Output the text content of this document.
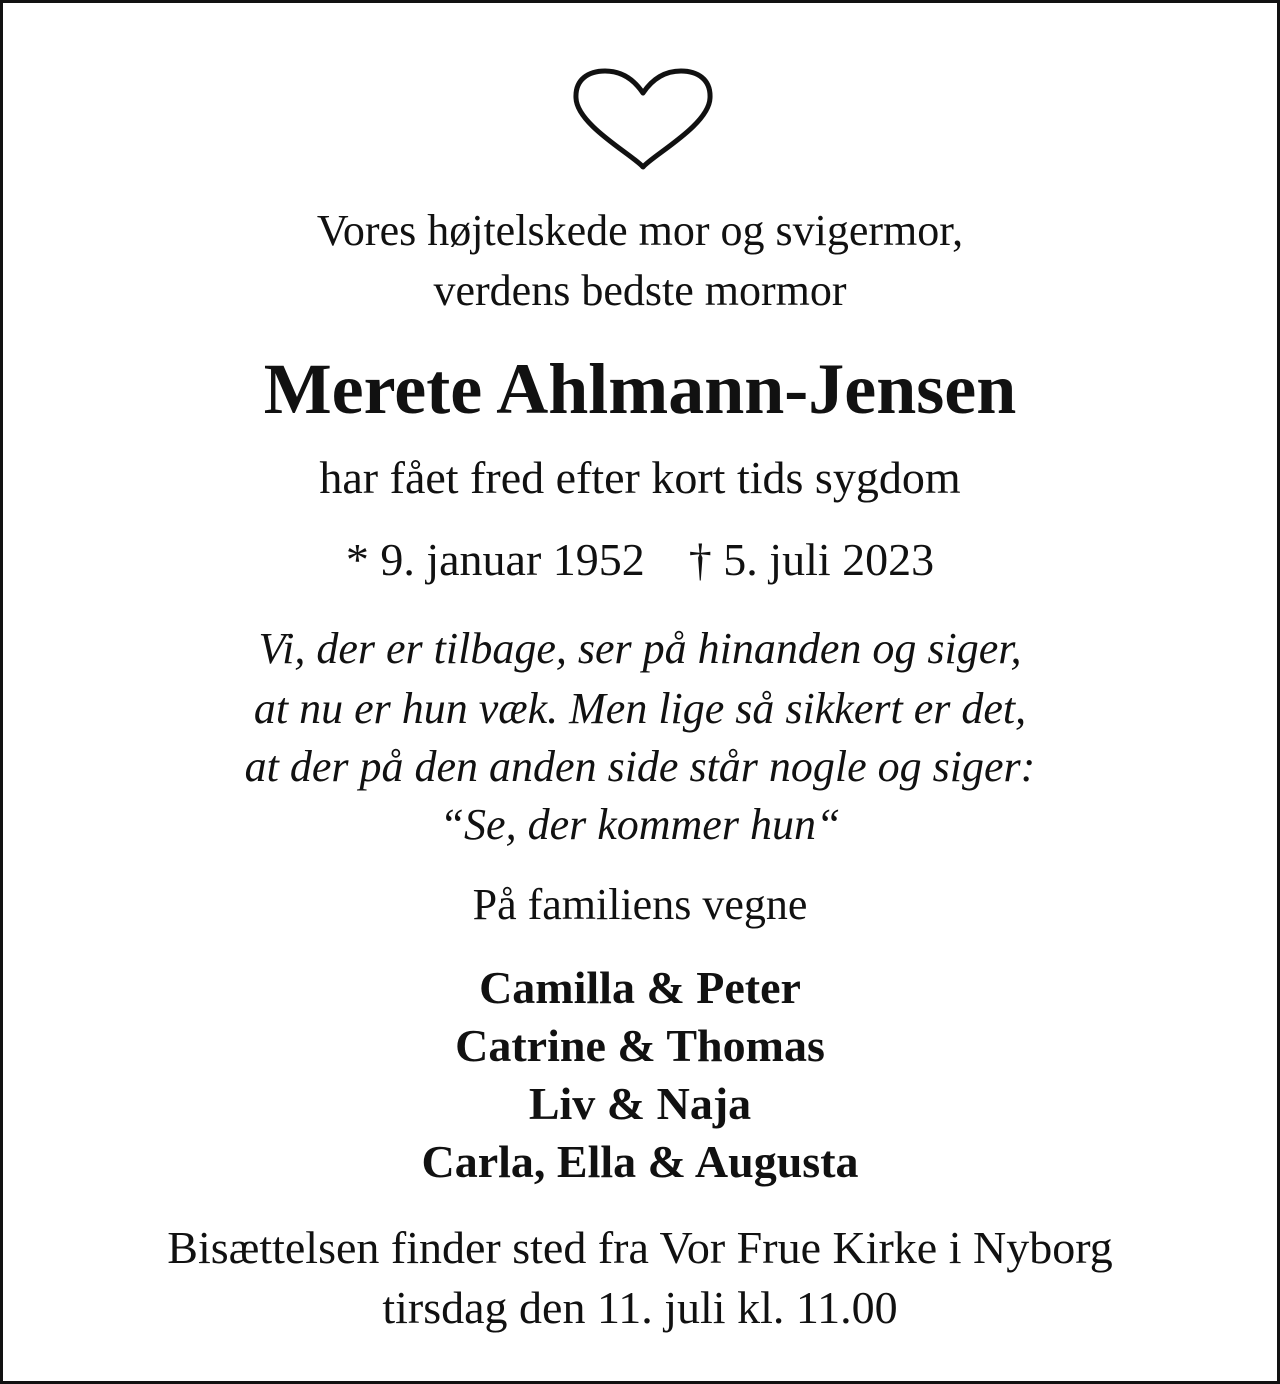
Vores højtelskede mor og svigermor,
verdens bedste mormor
Merete Ahlmann-Jensen
har fået fred efter kort tids sygdom
* 9. januar 1952 † 5. juli 2023
Vi, der er tilbage, ser på hinanden og siger,
at nu er hun væk. Men lige så sikkert er det,
at der på den anden side står nogle og siger:
“Se, der kommer hun“
På familiens vegne
Camilla & Peter
Catrine & Thomas
Liv & Naja
Carla, Ella & Augusta
Bisættelsen finder sted fra Vor Frue Kirke i Nyborg
tirsdag den 11. juli kl. 11.00
